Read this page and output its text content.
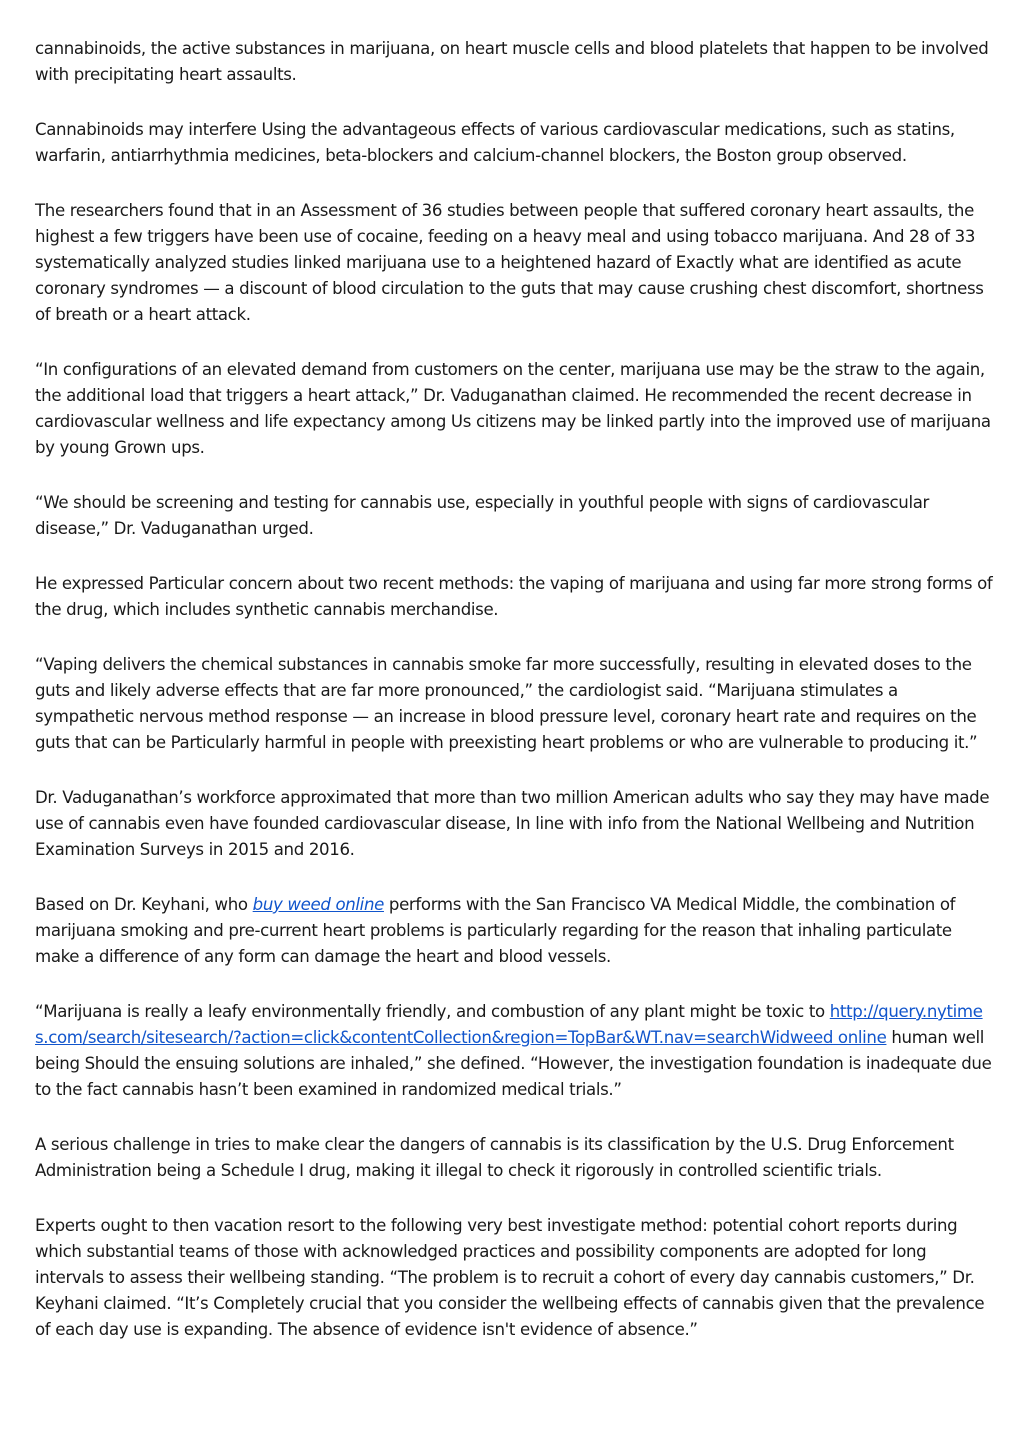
cannabinoids, the active substances in marijuana, on heart muscle cells and blood platelets that happen to be involved with precipitating heart assaults.

Cannabinoids may interfere Using the advantageous effects of various cardiovascular medications, such as statins, warfarin, antiarrhythmia medicines, beta-blockers and calcium-channel blockers, the Boston group observed.

The researchers found that in an Assessment of 36 studies between people that suffered coronary heart assaults, the highest a few triggers have been use of cocaine, feeding on a heavy meal and using tobacco marijuana. And 28 of 33 systematically analyzed studies linked marijuana use to a heightened hazard of Exactly what are identified as acute coronary syndromes — a discount of blood circulation to the guts that may cause crushing chest discomfort, shortness of breath or a heart attack.

“In configurations of an elevated demand from customers on the center, marijuana use may be the straw to the again, the additional load that triggers a heart attack,” Dr. Vaduganathan claimed. He recommended the recent decrease in cardiovascular wellness and life expectancy among Us citizens may be linked partly into the improved use of marijuana by young Grown ups.

“We should be screening and testing for cannabis use, especially in youthful people with signs of cardiovascular disease,” Dr. Vaduganathan urged.

He expressed Particular concern about two recent methods: the vaping of marijuana and using far more strong forms of the drug, which includes synthetic cannabis merchandise.

“Vaping delivers the chemical substances in cannabis smoke far more successfully, resulting in elevated doses to the guts and likely adverse effects that are far more pronounced,” the cardiologist said. “Marijuana stimulates a sympathetic nervous method response — an increase in blood pressure level, coronary heart rate and requires on the guts that can be Particularly harmful in people with preexisting heart problems or who are vulnerable to producing it.”

Dr. Vaduganathan’s workforce approximated that more than two million American adults who say they may have made use of cannabis even have founded cardiovascular disease, In line with info from the National Wellbeing and Nutrition Examination Surveys in 2015 and 2016.

Based on Dr. Keyhani, who buy weed online performs with the San Francisco VA Medical Middle, the combination of marijuana smoking and pre-current heart problems is particularly regarding for the reason that inhaling particulate make a difference of any form can damage the heart and blood vessels.

“Marijuana is really a leafy environmentally friendly, and combustion of any plant might be toxic to http://query.nytimes.com/search/sitesearch/?action=click&contentCollection&region=TopBar&WT.nav=searchWidweed online human well being Should the ensuing solutions are inhaled,” she defined. “However, the investigation foundation is inadequate due to the fact cannabis hasn’t been examined in randomized medical trials.”

A serious challenge in tries to make clear the dangers of cannabis is its classification by the U.S. Drug Enforcement Administration being a Schedule I drug, making it illegal to check it rigorously in controlled scientific trials.

Experts ought to then vacation resort to the following very best investigate method: potential cohort reports during which substantial teams of those with acknowledged practices and possibility components are adopted for long intervals to assess their wellbeing standing. “The problem is to recruit a cohort of every day cannabis customers,” Dr. Keyhani claimed. “It’s Completely crucial that you consider the wellbeing effects of cannabis given that the prevalence of each day use is expanding. The absence of evidence isn't evidence of absence.”
